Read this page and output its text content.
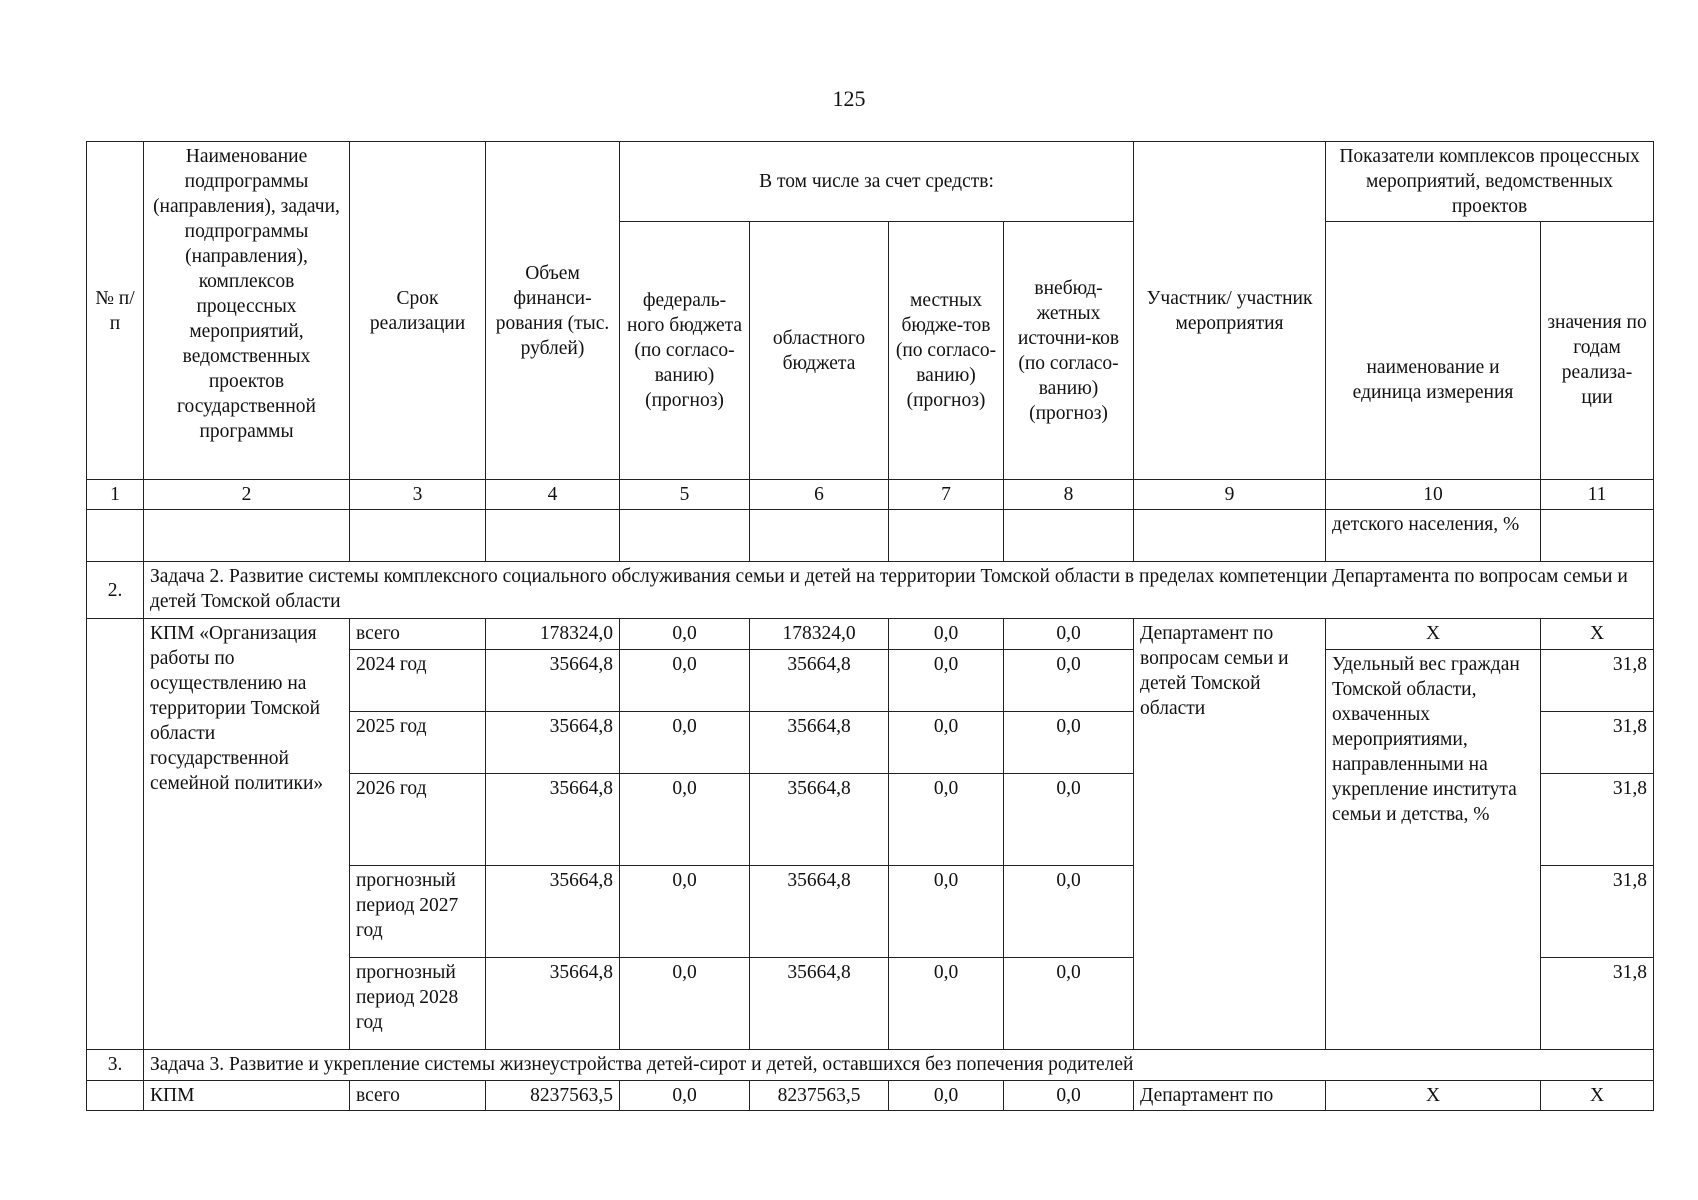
125
№ п/п	Наименование подпрограммы (направления), задачи, подпрограммы (направления), комплексов процессных мероприятий, ведомственных проектов государственной программы	Срок реализации	Объем финанси-рования (тыс. рублей)	В том числе за счет средств:				Участник/ участник мероприятия	Показатели комплексов процессных мероприятий, ведомственных проектов	
				федераль-ного бюджета (по согласо-ванию) (прогноз)	областного бюджета	местных бюдже-тов (по согласо-ванию) (прогноз)	внебюд-жетных источни-ков (по согласо-ванию) (прогноз)		наименование и единица измерения	значения по годам реализа-ции
1	2	3	4	5	6	7	8	9	10	11
									детского населения, %	
2.	Задача 2. Развитие системы комплексного социального обслуживания семьи и детей на территории Томской области в пределах компетенции Департамента по вопросам семьи и детей Томской области									
	КПМ «Организация работы по осуществлению на территории Томской области государственной семейной политики»	всего	178324,0	0,0	178324,0	0,0	0,0	Департамент по вопросам семьи и детей Томской области	X	X
		2024 год	35664,8	0,0	35664,8	0,0	0,0		Удельный вес граждан Томской области, охваченных мероприятиями, направленными на укрепление института семьи и детства, %	31,8
		2025 год	35664,8	0,0	35664,8	0,0	0,0			31,8
		2026 год	35664,8	0,0	35664,8	0,0	0,0			31,8
		прогнозный период 2027 год	35664,8	0,0	35664,8	0,0	0,0			31,8
		прогнозный период 2028 год	35664,8	0,0	35664,8	0,0	0,0			31,8
3.	Задача 3. Развитие и укрепление системы жизнеустройства детей-сирот и детей, оставшихся без попечения родителей									
	КПМ	всего	8237563,5	0,0	8237563,5	0,0	0,0	Департамент по	X	X
